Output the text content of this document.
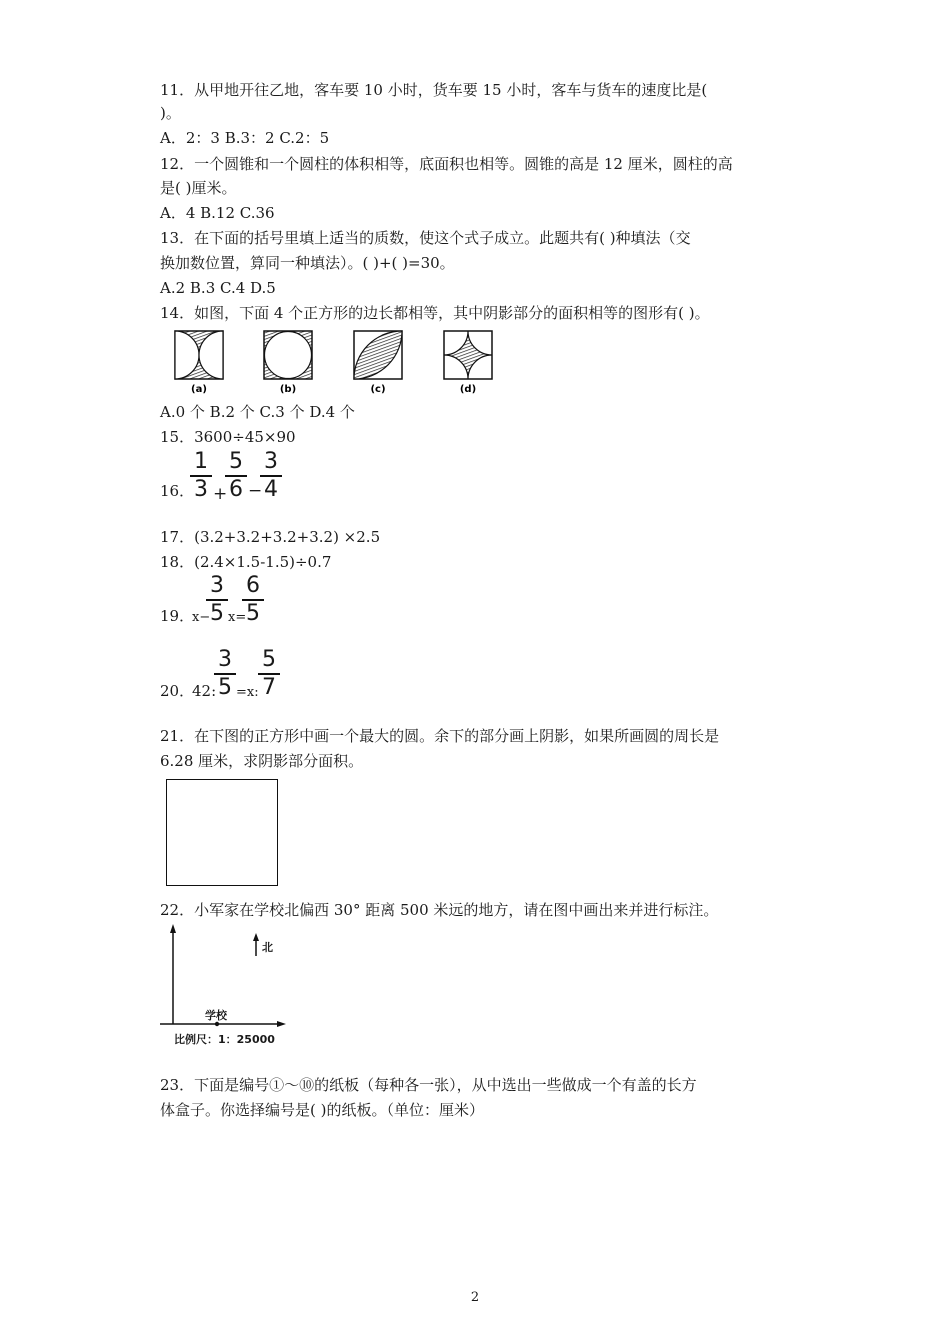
11．从甲地开往乙地，客车要 10 小时，货车要 15 小时，客车与货车的速度比是(
)。
A．2：3 B.3：2 C.2：5
12．一个圆锥和一个圆柱的体积相等，底面积也相等。圆锥的高是 12 厘米，圆柱的高
是( )厘米。
A．4 B.12 C.36
13．在下面的括号里填上适当的质数，使这个式子成立。此题共有( )种填法（交
换加数位置，算同一种填法）。( )+( )=30。
A.2 B.3 C.4 D.5
14．如图，下面 4 个正方形的边长都相等，其中阴影部分的面积相等的图形有( )。
(a)	(b)	(c)	(d)
A.0 个 B.2 个 C.3 个 D.4 个
15．3600÷45×90
16．
1
3 +
5
6 −
3
4
17．(3.2+3.2+3.2+3.2) ×2.5
18．(2.4×1.5-1.5)÷0.7
19．
x−
3
5 x=
6
5
20．
42:
3
5 =x:
5
7
21．在下图的正方形中画一个最大的圆。余下的部分画上阴影，如果所画圆的周长是
6.28 厘米，求阴影部分面积。
22．小军家在学校北偏西 30° 距离 500 米远的地方，请在图中画出来并进行标注。
北
学校
比例尺：1：25000
23．下面是编号①～⑩的纸板（每种各一张），从中选出一些做成一个有盖的长方
体盒子。你选择编号是( )的纸板。（单位：厘米）
2
